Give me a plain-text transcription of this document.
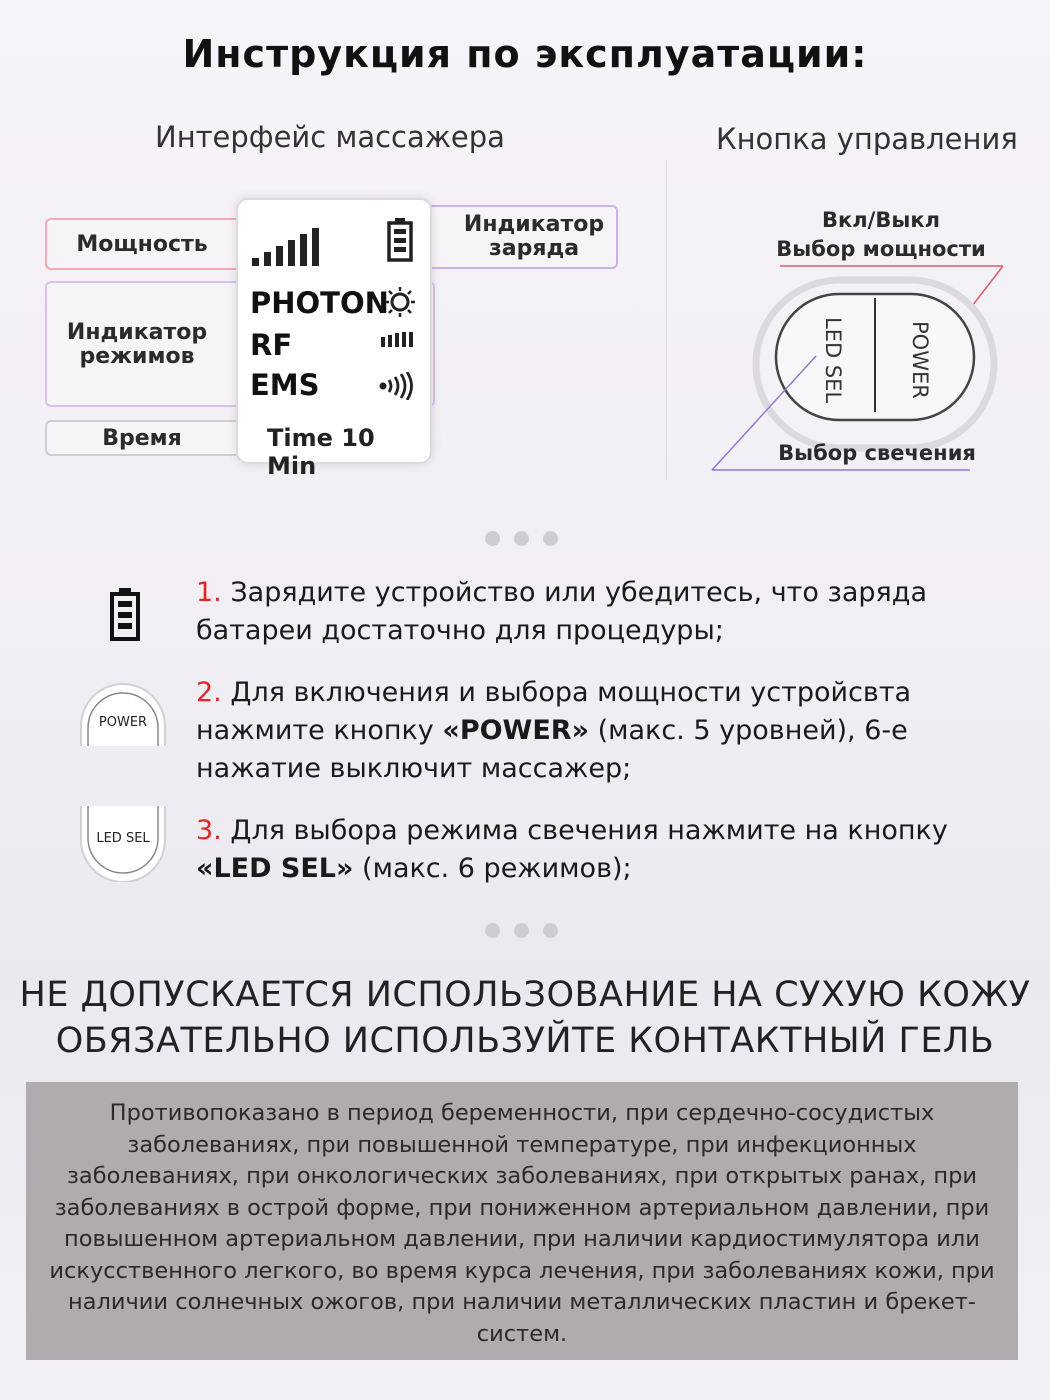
Инструкция по эксплуатации:
Интерфейс массажера	Кнопка управления
Мощность
Индикатор заряда
Индикатор режимов
Время
PHOTON
RF
EMS
Time 10 Min
Вкл/Выкл
Выбор мощности
LED SEL	POWER
Выбор свечения
POWER
LED SEL
1. Зарядите устройство или убедитесь, что заряда батареи достаточно для процедуры;
2. Для включения и выбора мощности устройсвта нажмите кнопку «POWER» (макс. 5 уровней), 6-е нажатие выключит массажер;
3. Для выбора режима свечения нажмите на кнопку «LED SEL» (макс. 6 режимов);
НЕ ДОПУСКАЕТСЯ ИСПОЛЬЗОВАНИЕ НА СУХУЮ КОЖУ
ОБЯЗАТЕЛЬНО ИСПОЛЬЗУЙТЕ КОНТАКТНЫЙ ГЕЛЬ

Противопоказано в период беременности, при сердечно-сосудистых заболеваниях, при повышенной температуре, при инфекционных заболеваниях, при онкологических заболеваниях, при открытых ранах, при заболеваниях в острой форме, при пониженном артериальном давлении, при повышенном артериальном давлении, при наличии кардиостимулятора или искусственного легкого, во время курса лечения, при заболеваниях кожи, при наличии солнечных ожогов, при наличии металлических пластин и брекет-систем.
